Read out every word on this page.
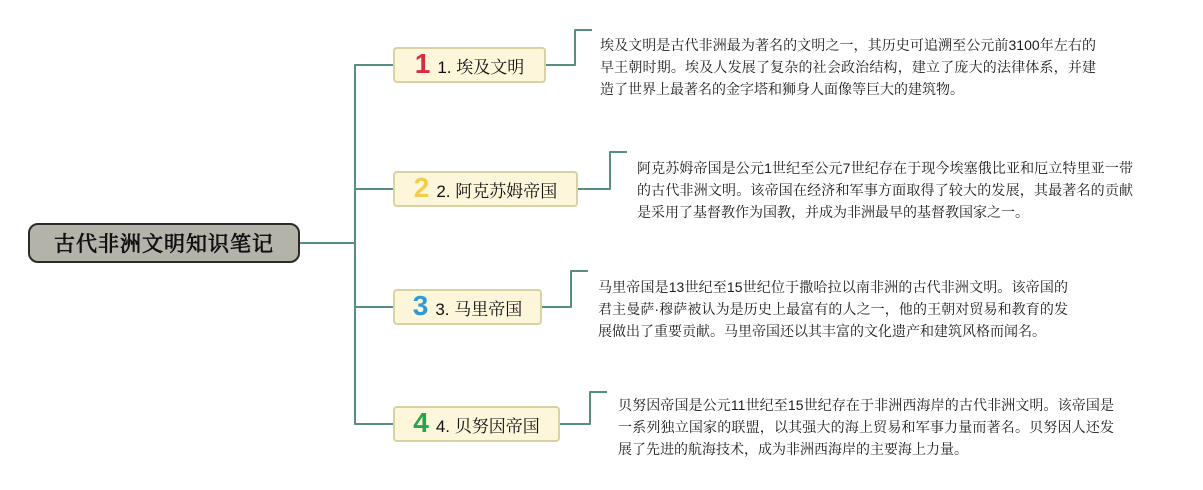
古代非洲文明知识笔记
1 1. 埃及文明
埃及文明是古代非洲最为著名的文明之一，其历史可追溯至公元前3100年左右的早王朝时期。埃及人发展了复杂的社会政治结构，建立了庞大的法律体系，并建造了世界上最著名的金字塔和狮身人面像等巨大的建筑物。
2 2. 阿克苏姆帝国
阿克苏姆帝国是公元1世纪至公元7世纪存在于现今埃塞俄比亚和厄立特里亚一带的古代非洲文明。该帝国在经济和军事方面取得了较大的发展，其最著名的贡献是采用了基督教作为国教，并成为非洲最早的基督教国家之一。
3 3. 马里帝国
马里帝国是13世纪至15世纪位于撒哈拉以南非洲的古代非洲文明。该帝国的君主曼萨·穆萨被认为是历史上最富有的人之一，他的王朝对贸易和教育的发展做出了重要贡献。马里帝国还以其丰富的文化遗产和建筑风格而闻名。
4 4. 贝努因帝国
贝努因帝国是公元11世纪至15世纪存在于非洲西海岸的古代非洲文明。该帝国是一系列独立国家的联盟，以其强大的海上贸易和军事力量而著名。贝努因人还发展了先进的航海技术，成为非洲西海岸的主要海上力量。
